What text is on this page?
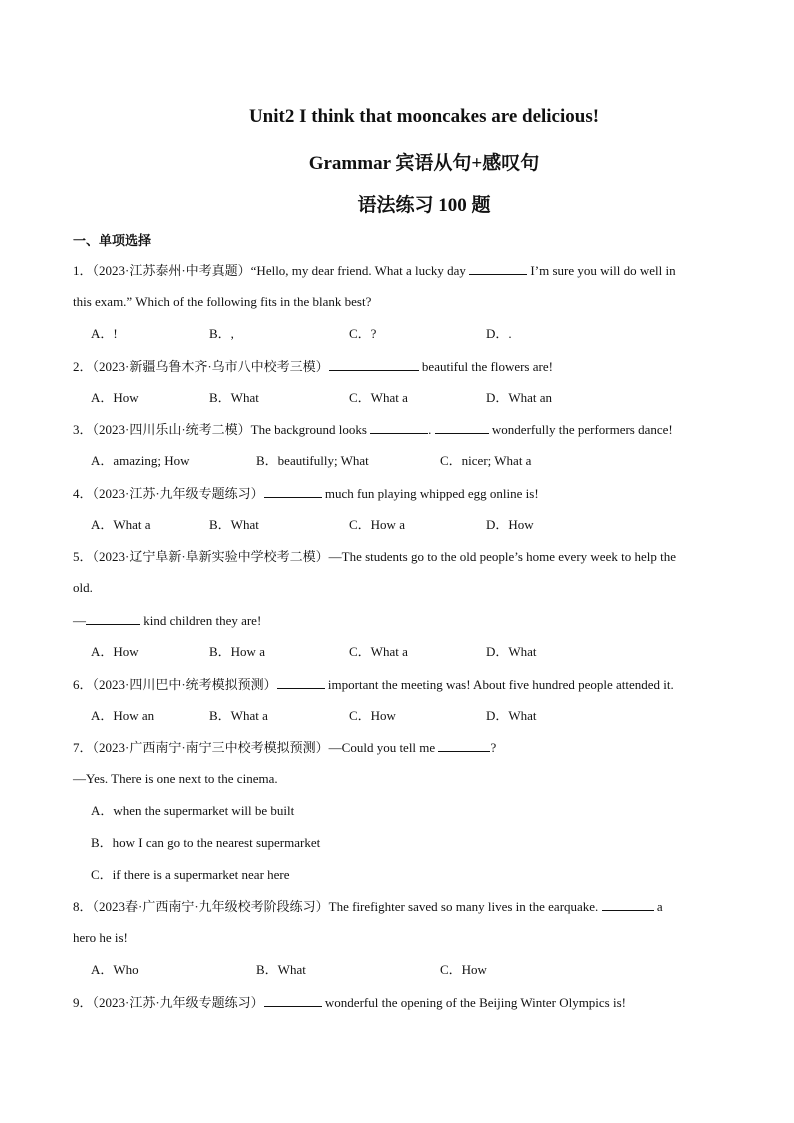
Unit2 I think that mooncakes are delicious!
Grammar 宾语从句+感叹句
语法练习 100 题
一、单项选择
1．（2023·江苏泰州·中考真题）“Hello, my dear friend. What a lucky day	I’m sure you will do well in
this exam.” Which of the following fits in the blank best?
A．!	B．,	C．?	D．.
2．（2023·新疆乌鲁木齐·乌市八中校考三模）	beautiful the flowers are!
A．How	B．What	C．What a	D．What an
3．（2023·四川乐山·统考二模）The background looks	.	wonderfully the performers dance!
A．amazing; How	B．beautifully; What	C．nicer; What a
4．（2023·江苏·九年级专题练习）	much fun playing whipped egg online is!
A．What a	B．What	C．How a	D．How
5．（2023·辽宁阜新·阜新实验中学校考二模）—The students go to the old people’s home every week to help the
old.
—	kind children they are!
A．How	B．How a	C．What a	D．What
6．（2023·四川巴中·统考模拟预测）	important the meeting was! About five hundred people attended it.
A．How an	B．What a	C．How	D．What
7．（2023·广西南宁·南宁三中校考模拟预测）—Could you tell me	?
—Yes. There is one next to the cinema.
A．when the supermarket will be built
B．how I can go to the nearest supermarket
C．if there is a supermarket near here
8．（2023春·广西南宁·九年级校考阶段练习）The firefighter saved so many lives in the earquake.	a
hero he is!
A．Who	B．What	C．How
9．（2023·江苏·九年级专题练习）	wonderful the opening of the Beijing Winter Olympics is!
